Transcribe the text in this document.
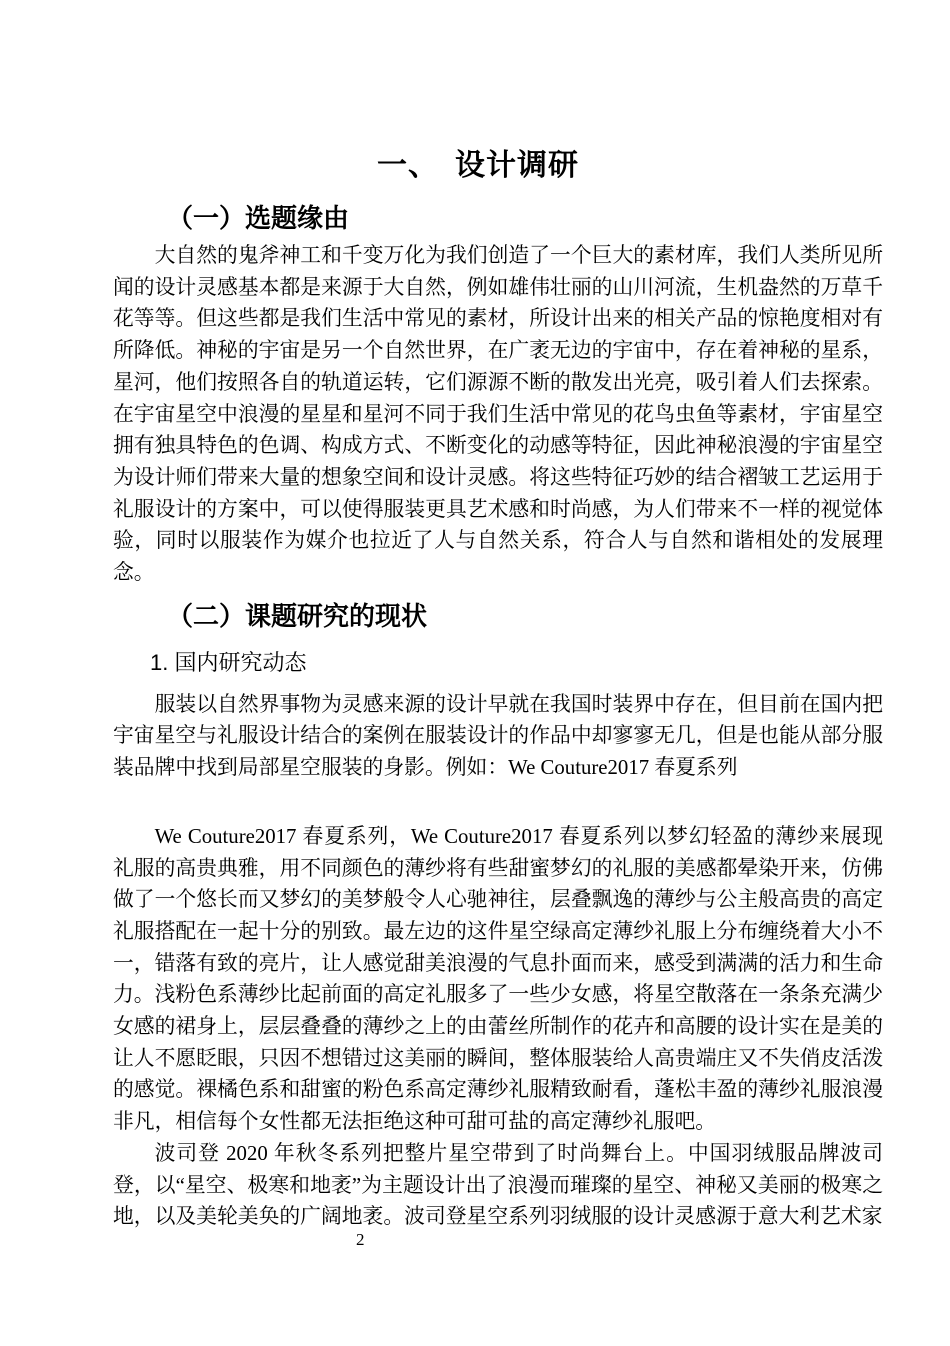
一、　设计调研
（一）选题缘由

大自然的鬼斧神工和千变万化为我们创造了一个巨大的素材库，我们人类所见所闻的设计灵感基本都是来源于大自然，例如雄伟壮丽的山川河流，生机盎然的万草千花等等。但这些都是我们生活中常见的素材，所设计出来的相关产品的惊艳度相对有所降低。神秘的宇宙是另一个自然世界，在广袤无边的宇宙中，存在着神秘的星系，星河，他们按照各自的轨道运转，它们源源不断的散发出光亮，吸引着人们去探索。在宇宙星空中浪漫的星星和星河不同于我们生活中常见的花鸟虫鱼等素材，宇宙星空拥有独具特色的色调、构成方式、不断变化的动感等特征，因此神秘浪漫的宇宙星空为设计师们带来大量的想象空间和设计灵感。将这些特征巧妙的结合褶皱工艺运用于礼服设计的方案中，可以使得服装更具艺术感和时尚感，为人们带来不一样的视觉体验，同时以服装作为媒介也拉近了人与自然关系，符合人与自然和谐相处的发展理念。

（二）课题研究的现状
1. 国内研究动态

服装以自然界事物为灵感来源的设计早就在我国时装界中存在，但目前在国内把宇宙星空与礼服设计结合的案例在服装设计的作品中却寥寥无几，但是也能从部分服装品牌中找到局部星空服装的身影。例如：We Couture2017 春夏系列

We Couture2017 春夏系列，We Couture2017 春夏系列以梦幻轻盈的薄纱来展现礼服的高贵典雅，用不同颜色的薄纱将有些甜蜜梦幻的礼服的美感都晕染开来，仿佛做了一个悠长而又梦幻的美梦般令人心驰神往，层叠飘逸的薄纱与公主般高贵的高定礼服搭配在一起十分的别致。最左边的这件星空绿高定薄纱礼服上分布缠绕着大小不一，错落有致的亮片，让人感觉甜美浪漫的气息扑面而来，感受到满满的活力和生命力。浅粉色系薄纱比起前面的高定礼服多了一些少女感，将星空散落在一条条充满少女感的裙身上，层层叠叠的薄纱之上的由蕾丝所制作的花卉和高腰的设计实在是美的让人不愿眨眼，只因不想错过这美丽的瞬间，整体服装给人高贵端庄又不失俏皮活泼的感觉。裸橘色系和甜蜜的粉色系高定薄纱礼服精致耐看，蓬松丰盈的薄纱礼服浪漫非凡，相信每个女性都无法拒绝这种可甜可盐的高定薄纱礼服吧。

波司登 2020 年秋冬系列把整片星空带到了时尚舞台上。中国羽绒服品牌波司登，以“星空、极寒和地袤”为主题设计出了浪漫而璀璨的星空、神秘又美丽的极寒之地，以及美轮美奂的广阔地袤。波司登星空系列羽绒服的设计灵感源于意大利艺术家

2
